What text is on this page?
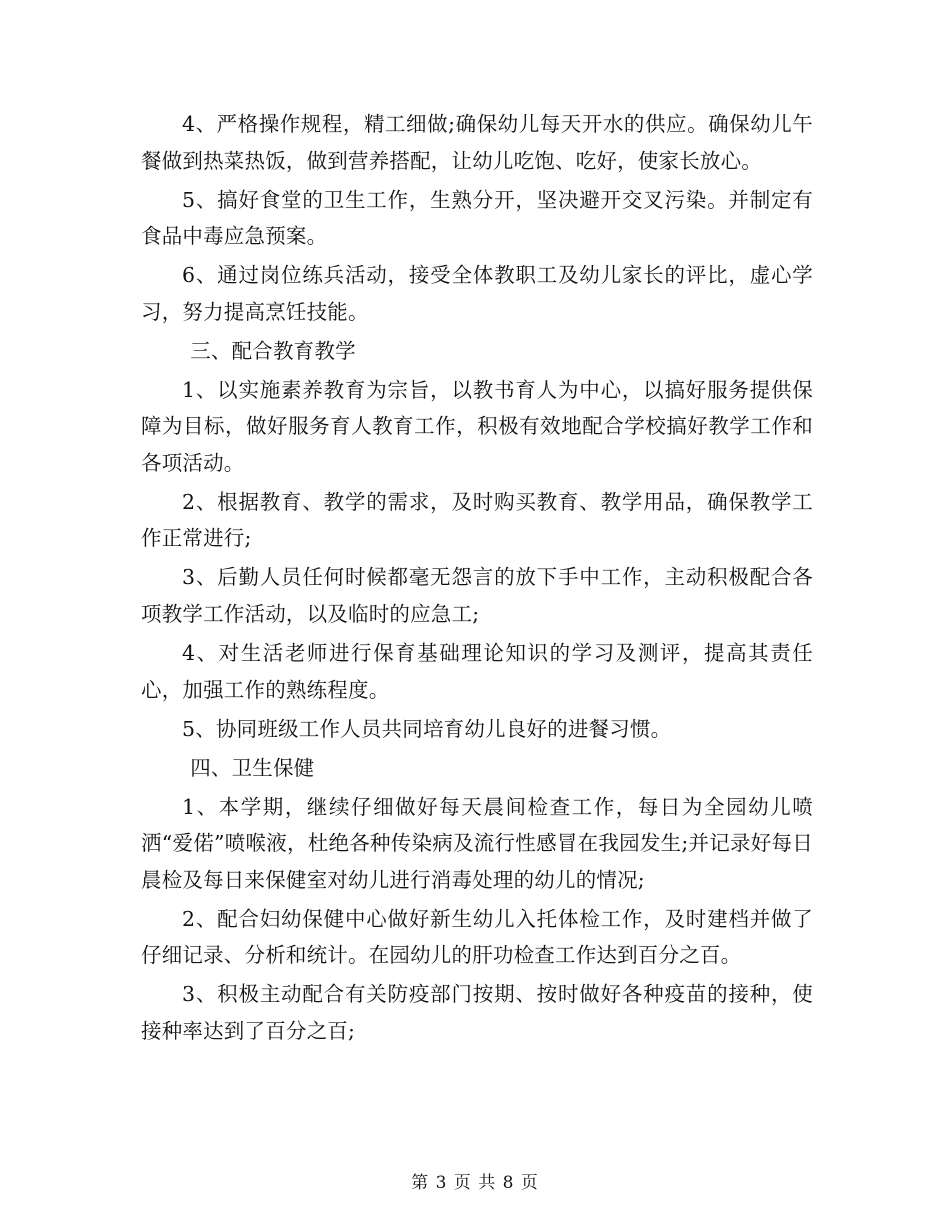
4、严格操作规程，精工细做;确保幼儿每天开水的供应。确保幼儿午餐做到热菜热饭，做到营养搭配，让幼儿吃饱、吃好，使家长放心。

5、搞好食堂的卫生工作，生熟分开，坚决避开交叉污染。并制定有食品中毒应急预案。

6、通过岗位练兵活动，接受全体教职工及幼儿家长的评比，虚心学习，努力提高烹饪技能。

三、配合教育教学

1、以实施素养教育为宗旨，以教书育人为中心，以搞好服务提供保障为目标，做好服务育人教育工作，积极有效地配合学校搞好教学工作和各项活动。

2、根据教育、教学的需求，及时购买教育、教学用品，确保教学工作正常进行;

3、后勤人员任何时候都毫无怨言的放下手中工作，主动积极配合各项教学工作活动，以及临时的应急工;

4、对生活老师进行保育基础理论知识的学习及测评，提高其责任心，加强工作的熟练程度。

5、协同班级工作人员共同培育幼儿良好的进餐习惯。

四、卫生保健

1、本学期，继续仔细做好每天晨间检查工作，每日为全园幼儿喷洒“爱偌”喷喉液，杜绝各种传染病及流行性感冒在我园发生;并记录好每日晨检及每日来保健室对幼儿进行消毒处理的幼儿的情况;

2、配合妇幼保健中心做好新生幼儿入托体检工作，及时建档并做了仔细记录、分析和统计。在园幼儿的肝功检查工作达到百分之百。

3、积极主动配合有关防疫部门按期、按时做好各种疫苗的接种，使接种率达到了百分之百;

第 3 页 共 8 页
